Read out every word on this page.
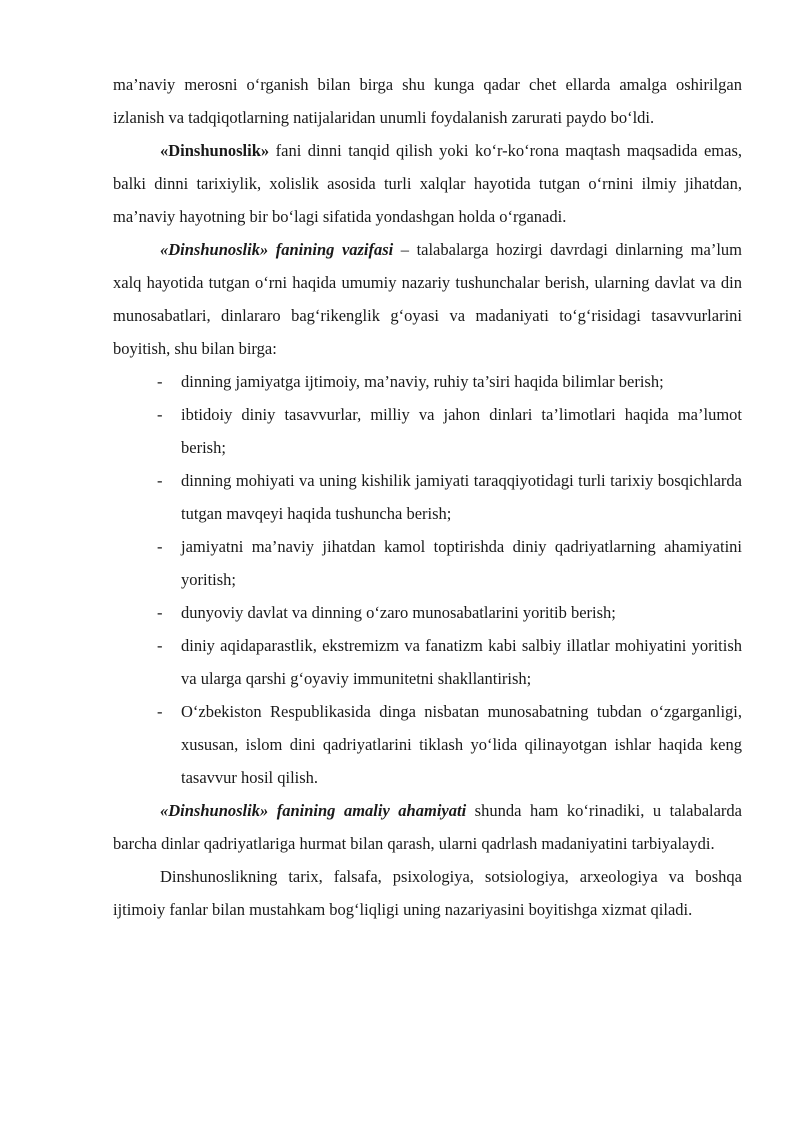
ma’naviy merosni o‘rganish bilan birga shu kunga qadar chet ellarda amalga oshirilgan izlanish va tadqiqotlarning natijalaridan unumli foydalanish zarurati paydo bo‘ldi.

«Dinshunoslik» fani dinni tanqid qilish yoki ko‘r-ko‘rona maqtash maqsadida emas, balki dinni tarixiylik, xolislik asosida turli xalqlar hayotida tutgan o‘rnini ilmiy jihatdan, ma’naviy hayotning bir bo‘lagi sifatida yondashgan holda o‘rganadi.

«Dinshunoslik» fanining vazifasi – talabalarga hozirgi davrdagi dinlarning ma’lum xalq hayotida tutgan o‘rni haqida umumiy nazariy tushunchalar berish, ularning davlat va din munosabatlari, dinlararo bag‘rikenglik g‘oyasi va madaniyati to‘g‘risidagi tasavvurlarini boyitish, shu bilan birga:

- dinning jamiyatga ijtimoiy, ma’naviy, ruhiy ta’siri haqida bilimlar berish;
- ibtidoiy diniy tasavvurlar, milliy va jahon dinlari ta’limotlari haqida ma’lumot berish;
- dinning mohiyati va uning kishilik jamiyati taraqqiyotidagi turli tarixiy bosqichlarda tutgan mavqeyi haqida tushuncha berish;
- jamiyatni ma’naviy jihatdan kamol toptirishda diniy qadriyatlarning ahamiyatini yoritish;
- dunyoviy davlat va dinning o‘zaro munosabatlarini yoritib berish;
- diniy aqidaparastlik, ekstremizm va fanatizm kabi salbiy illatlar mohiyatini yoritish va ularga qarshi g‘oyaviy immunitetni shakllantirish;
- O‘zbekiston Respublikasida dinga nisbatan munosabatning tubdan o‘zgarganligi, xususan, islom dini qadriyatlarini tiklash yo‘lida qilinayotgan ishlar haqida keng tasavvur hosil qilish.

«Dinshunoslik» fanining amaliy ahamiyati shunda ham ko‘rinadiki, u talabalarda barcha dinlar qadriyatlariga hurmat bilan qarash, ularni qadrlash madaniyatini tarbiyalaydi.

Dinshunoslikning tarix, falsafa, psixologiya, sotsiologiya, arxeologiya va boshqa ijtimoiy fanlar bilan mustahkam bog‘liqligi uning nazariyasini boyitishga xizmat qiladi.
